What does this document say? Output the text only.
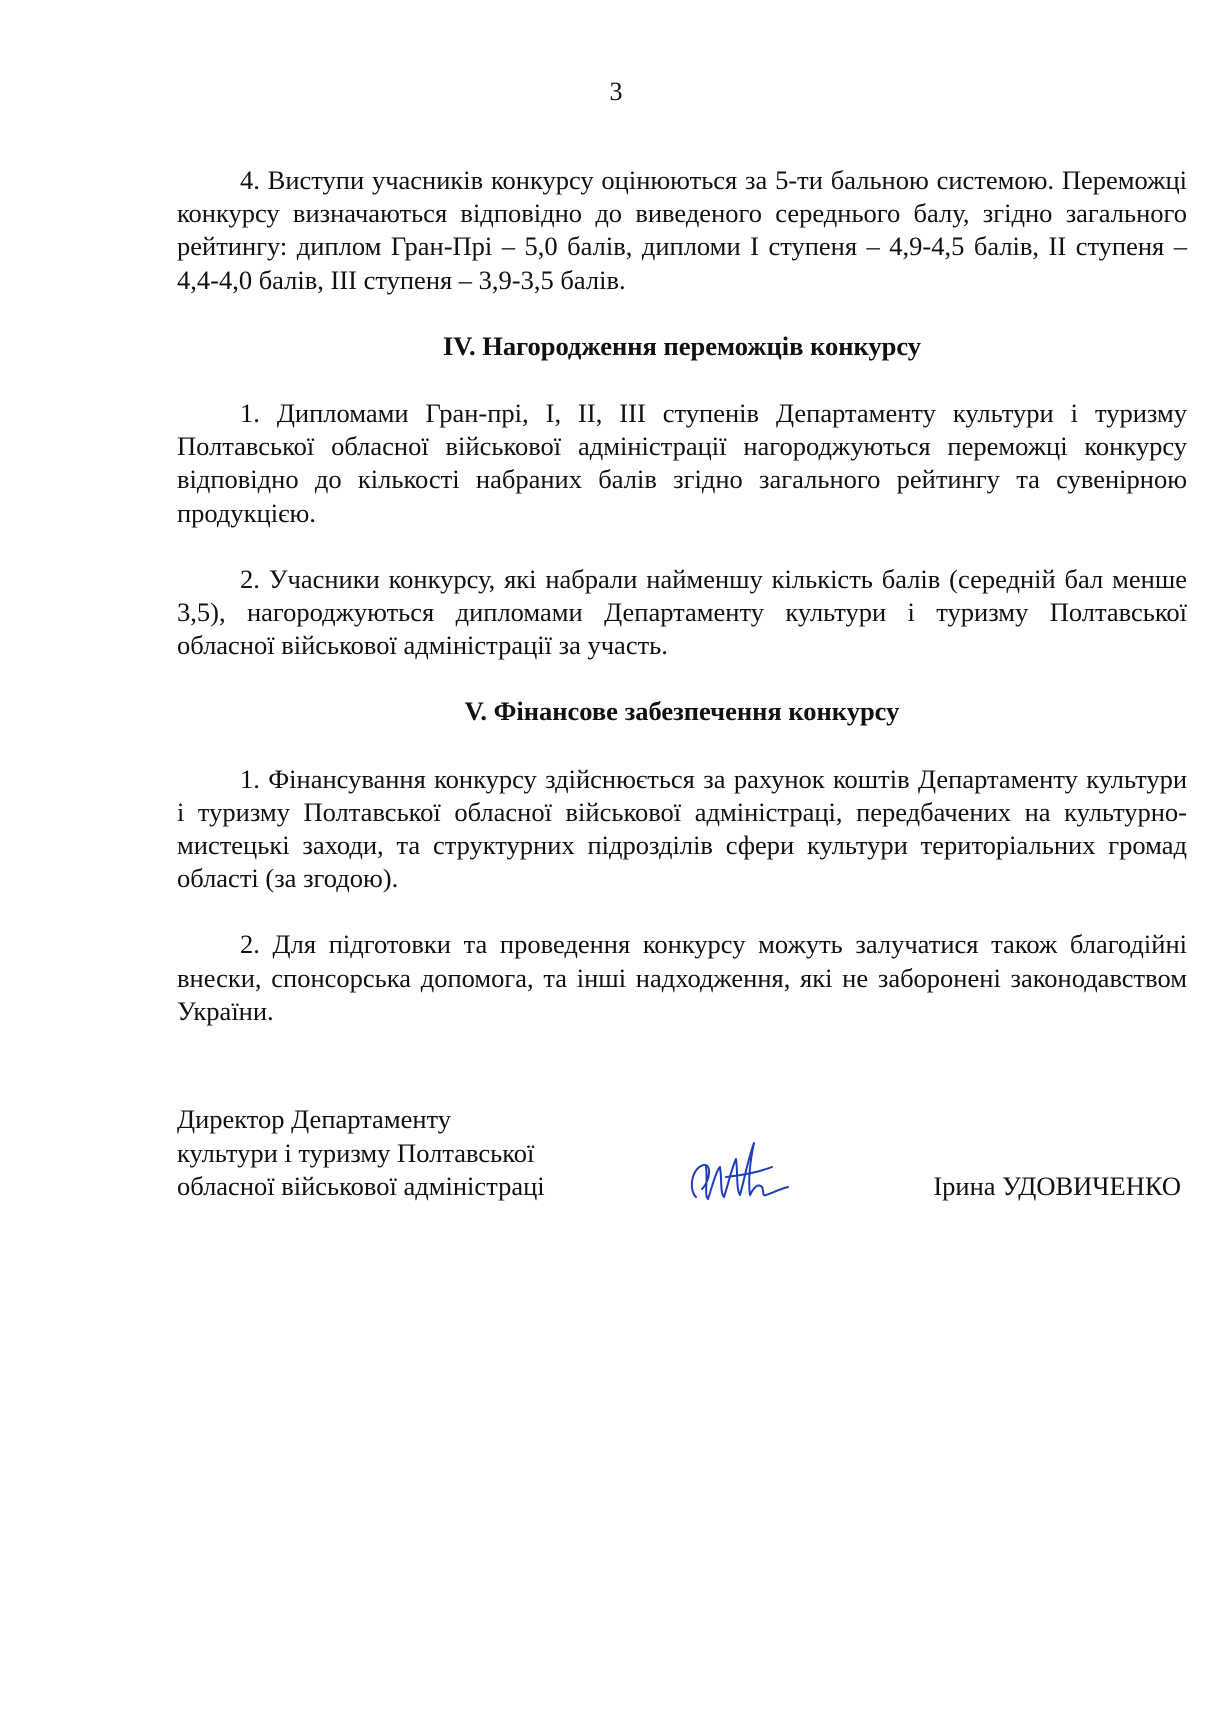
3

4. Виступи учасників конкурсу оцінюються за 5-ти бальною системою. Переможці конкурсу визначаються відповідно до виведеного середнього балу, згідно загального рейтингу: диплом Гран-Прі – 5,0 балів, дипломи І ступеня – 4,9-4,5 балів, ІІ ступеня – 4,4-4,0 балів, ІІІ ступеня – 3,9-3,5 балів.

IV. Нагородження переможців конкурсу

1. Дипломами Гран-прі, І, ІІ, ІІІ ступенів Департаменту культури і туризму Полтавської обласної військової адміністрації нагороджуються переможці конкурсу відповідно до кількості набраних балів згідно загального рейтингу та сувенірною продукцією.

2. Учасники конкурсу, які набрали найменшу кількість балів (середній бал менше 3,5), нагороджуються дипломами Департаменту культури і туризму Полтавської обласної військової адміністрації за участь.

V. Фінансове забезпечення конкурсу

1. Фінансування конкурсу здійснюється за рахунок коштів Департаменту культури і туризму Полтавської обласної військової адміністраці, передбачених на культурно-мистецькі заходи, та структурних підрозділів сфери культури територіальних громад області (за згодою).

2. Для підготовки та проведення конкурсу можуть залучатися також благодійні внески, спонсорська допомога, та інші надходження, які не заборонені законодавством України.

Директор Департаменту
культури і туризму Полтавської
обласної військової адміністраці	Ірина УДОВИЧЕНКО
